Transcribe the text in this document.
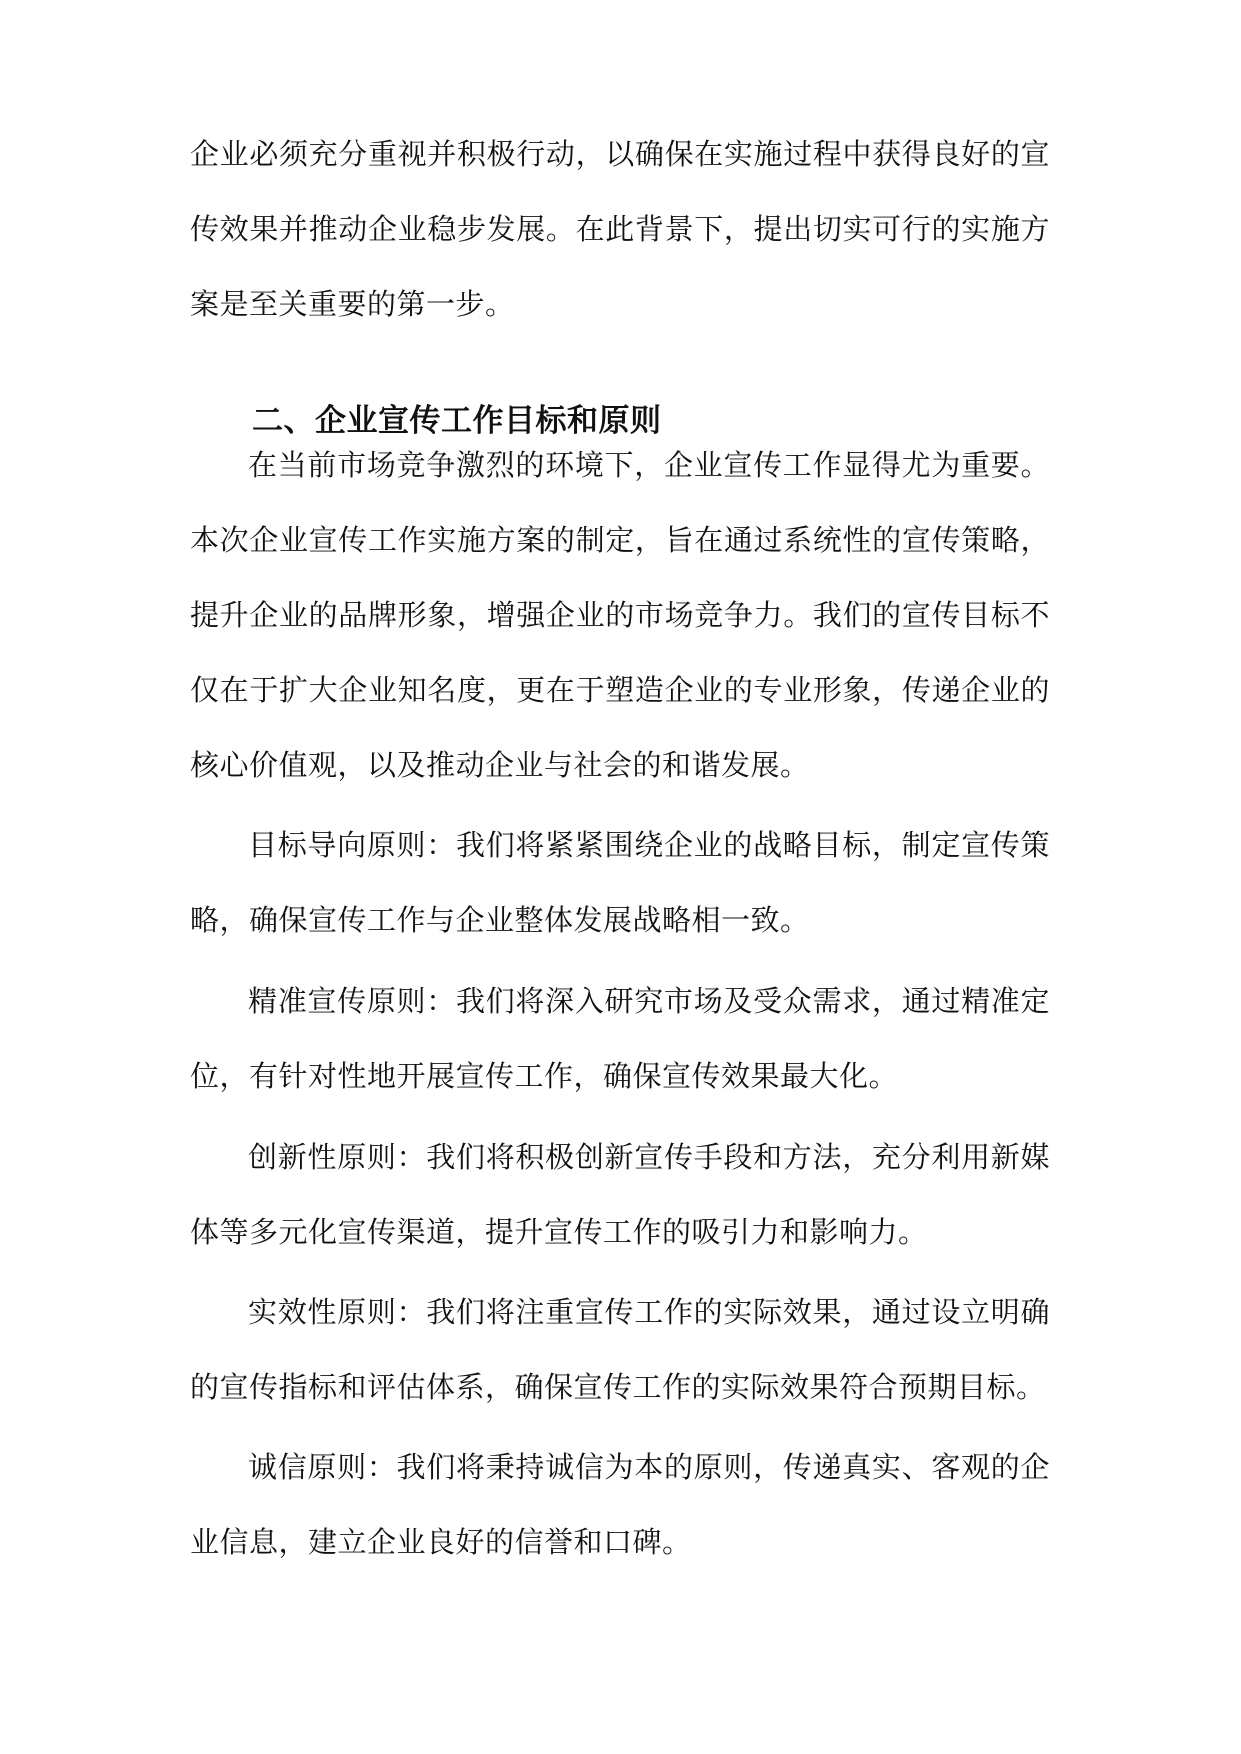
企业必须充分重视并积极行动，以确保在实施过程中获得良好的宣传效果并推动企业稳步发展。在此背景下，提出切实可行的实施方案是至关重要的第一步。

二、企业宣传工作目标和原则

在当前市场竞争激烈的环境下，企业宣传工作显得尤为重要。本次企业宣传工作实施方案的制定，旨在通过系统性的宣传策略，提升企业的品牌形象，增强企业的市场竞争力。我们的宣传目标不仅在于扩大企业知名度，更在于塑造企业的专业形象，传递企业的核心价值观，以及推动企业与社会的和谐发展。

目标导向原则：我们将紧紧围绕企业的战略目标，制定宣传策略，确保宣传工作与企业整体发展战略相一致。

精准宣传原则：我们将深入研究市场及受众需求，通过精准定位，有针对性地开展宣传工作，确保宣传效果最大化。

创新性原则：我们将积极创新宣传手段和方法，充分利用新媒体等多元化宣传渠道，提升宣传工作的吸引力和影响力。

实效性原则：我们将注重宣传工作的实际效果，通过设立明确的宣传指标和评估体系，确保宣传工作的实际效果符合预期目标。

诚信原则：我们将秉持诚信为本的原则，传递真实、客观的企业信息，建立企业良好的信誉和口碑。
